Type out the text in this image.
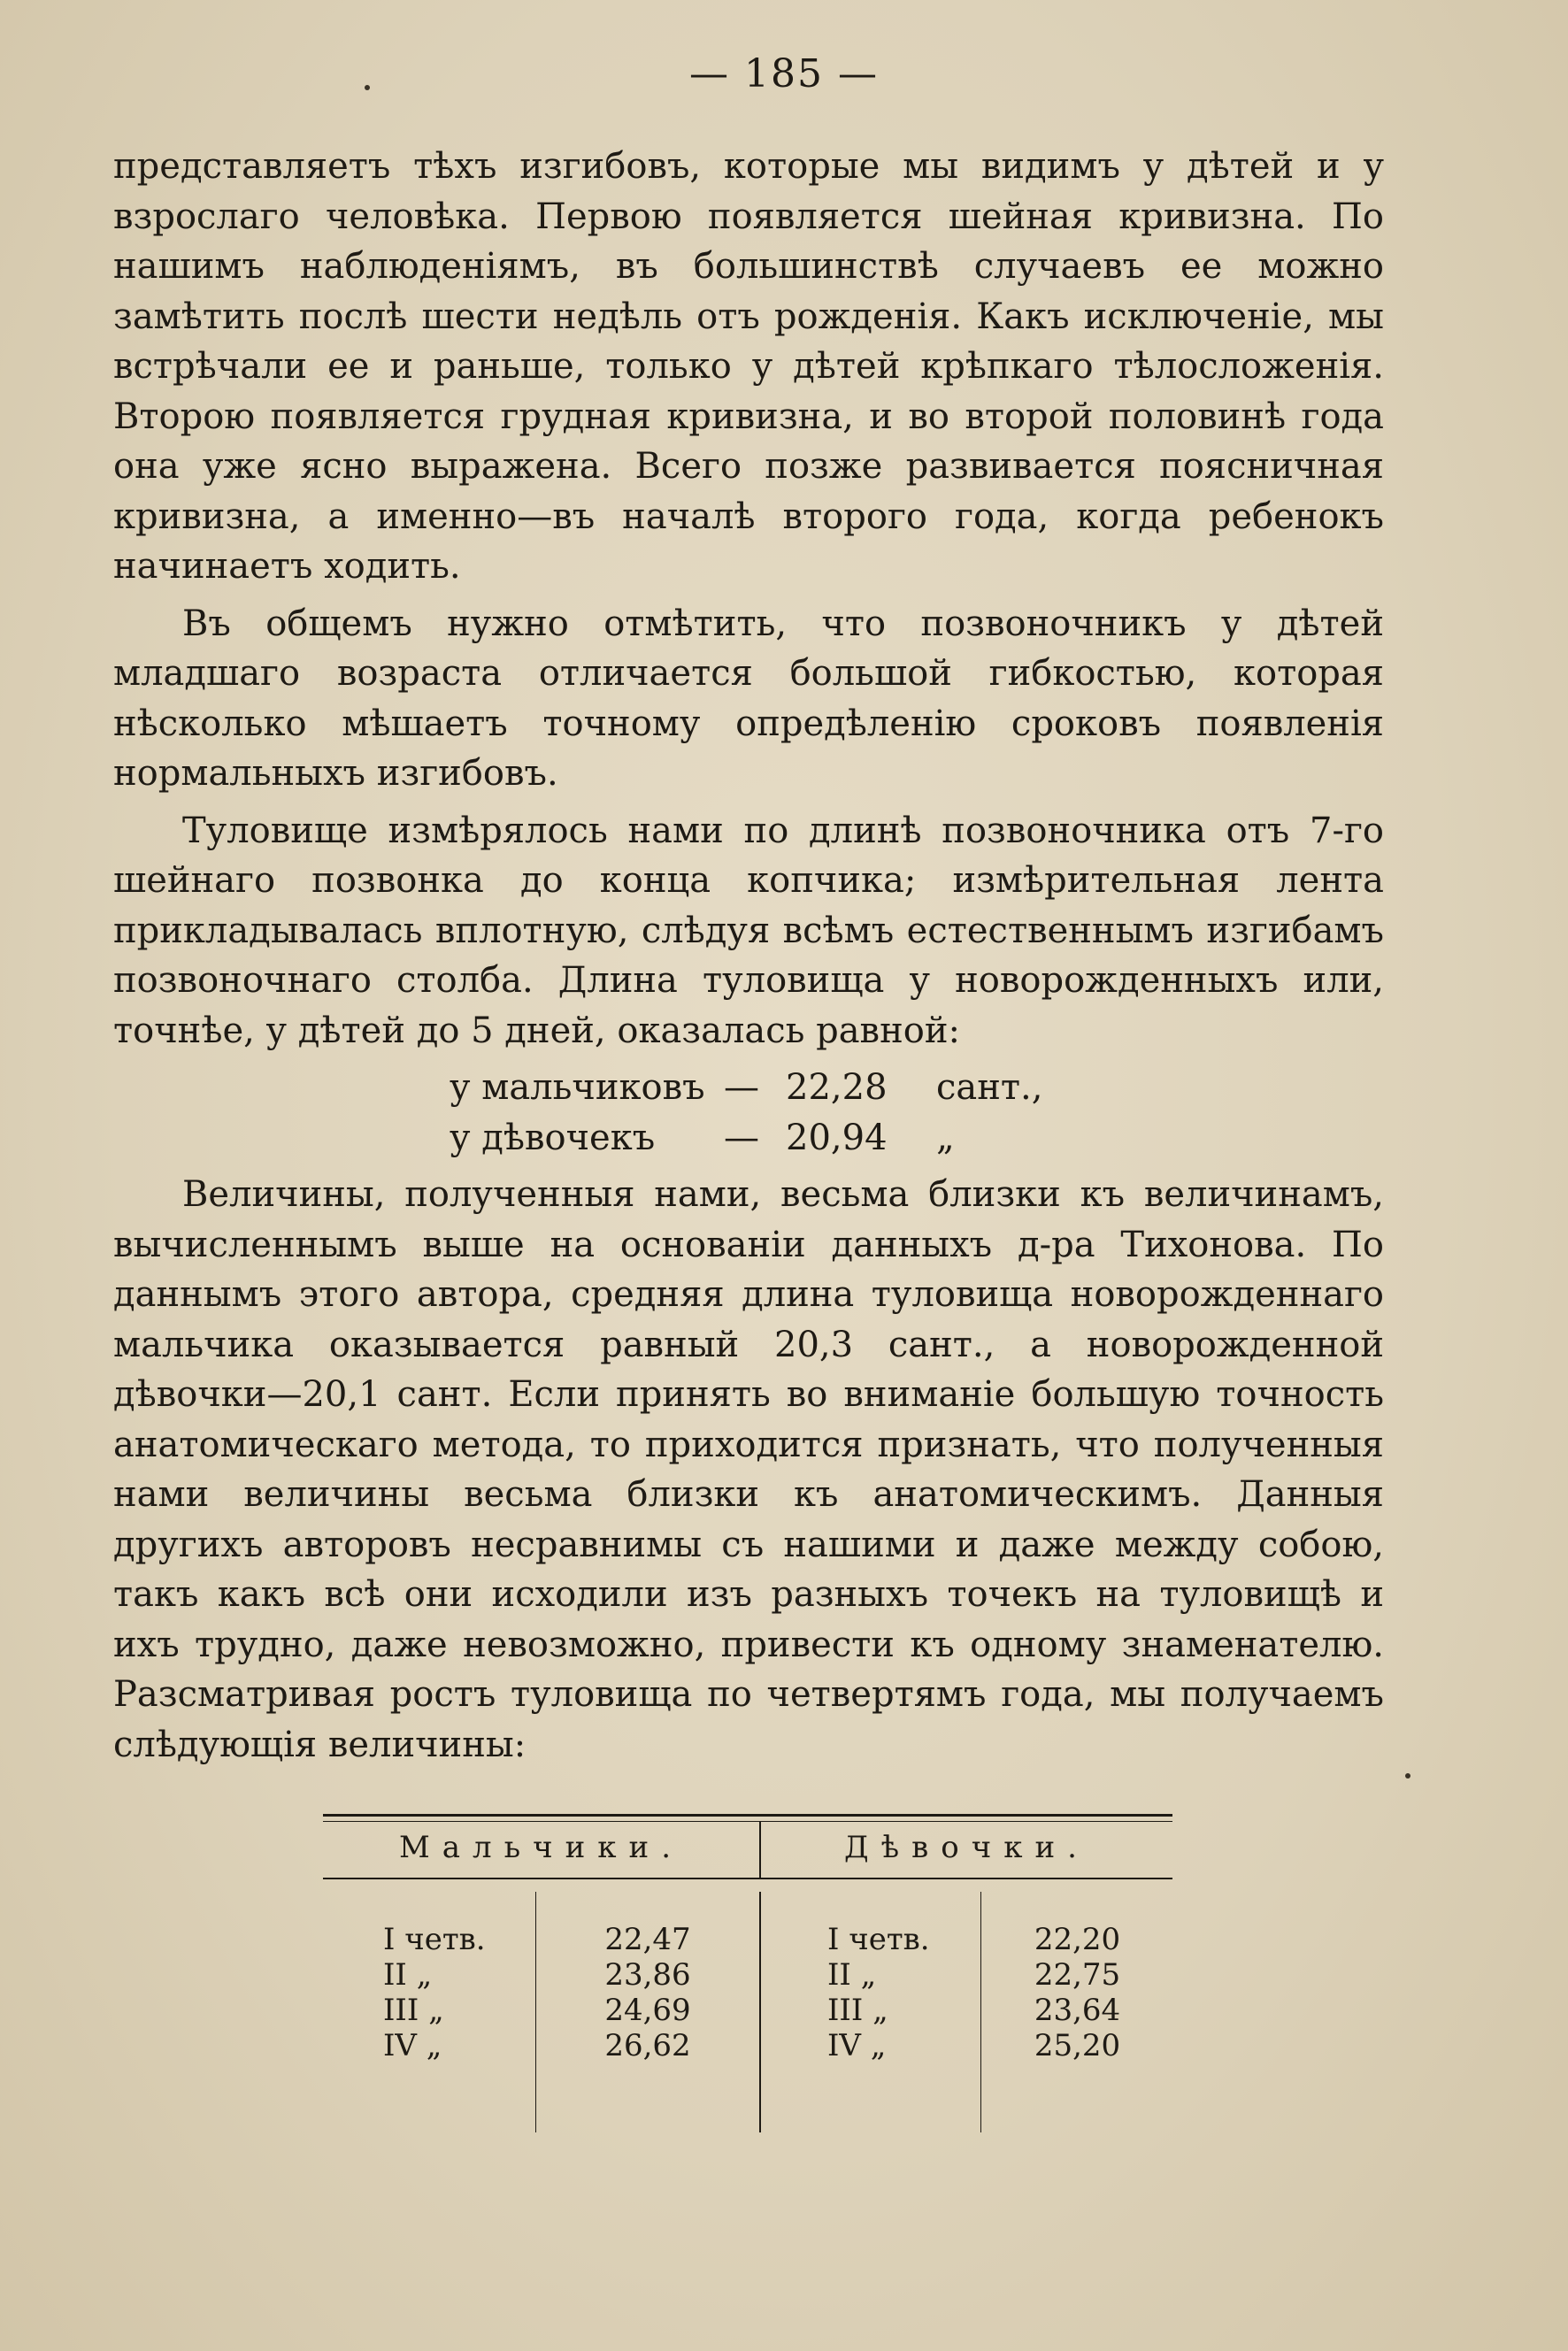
— 185 —

представляетъ тѣхъ изгибовъ, которые мы видимъ у дѣтей и у взрослаго человѣка. Первою появляется шейная кривизна. По нашимъ наблюденіямъ, въ большинствѣ случаевъ ее можно замѣтить послѣ шести недѣль отъ рожденія. Какъ исключеніе, мы встрѣчали ее и раньше, только у дѣтей крѣпкаго тѣлосложенія. Второю появляется грудная кривизна, и во второй половинѣ года она уже ясно выражена. Всего позже развивается поясничная кривизна, а именно—въ началѣ второго года, когда ребенокъ начинаетъ ходить.

Въ общемъ нужно отмѣтить, что позвоночникъ у дѣтей младшаго возраста отличается большой гибкостью, которая нѣсколько мѣшаетъ точному опредѣленію сроковъ появленія нормальныхъ изгибовъ.

Туловище измѣрялось нами по длинѣ позвоночника отъ 7-го шейнаго позвонка до конца копчика; измѣрительная лента прикладывалась вплотную, слѣдуя всѣмъ естественнымъ изгибамъ позвоночнаго столба. Длина туловища у новорожденныхъ или, точнѣе, у дѣтей до 5 дней, оказалась равной:

у мальчиковъ — 22,28	сант.,
у дѣвочекъ	— 20,94	„

Величины, полученныя нами, весьма близки къ величинамъ, вычисленнымъ выше на основаніи данныхъ д-ра Тихонова. По даннымъ этого автора, средняя длина туловища новорожденнаго мальчика оказывается равный 20,3 сант., а новорожденной дѣвочки—20,1 сант. Если принять во вниманіе большую точность анатомическаго метода, то приходится признать, что полученныя нами величины весьма близки къ анатомическимъ. Данныя другихъ авторовъ несравнимы съ нашими и даже между собою, такъ какъ всѣ они исходили изъ разныхъ точекъ на туловищѣ и ихъ трудно, даже невозможно, привести къ одному знаменателю. Разсматривая ростъ туловища по четвертямъ года, мы получаемъ слѣдующія величины:

Мальчики.	Дѣвочки.
I четв.	22,47	I четв.	22,20
II „	23,86	II „	22,75
III „	24,69	III „	23,64
IV „	26,62	IV „	25,20
